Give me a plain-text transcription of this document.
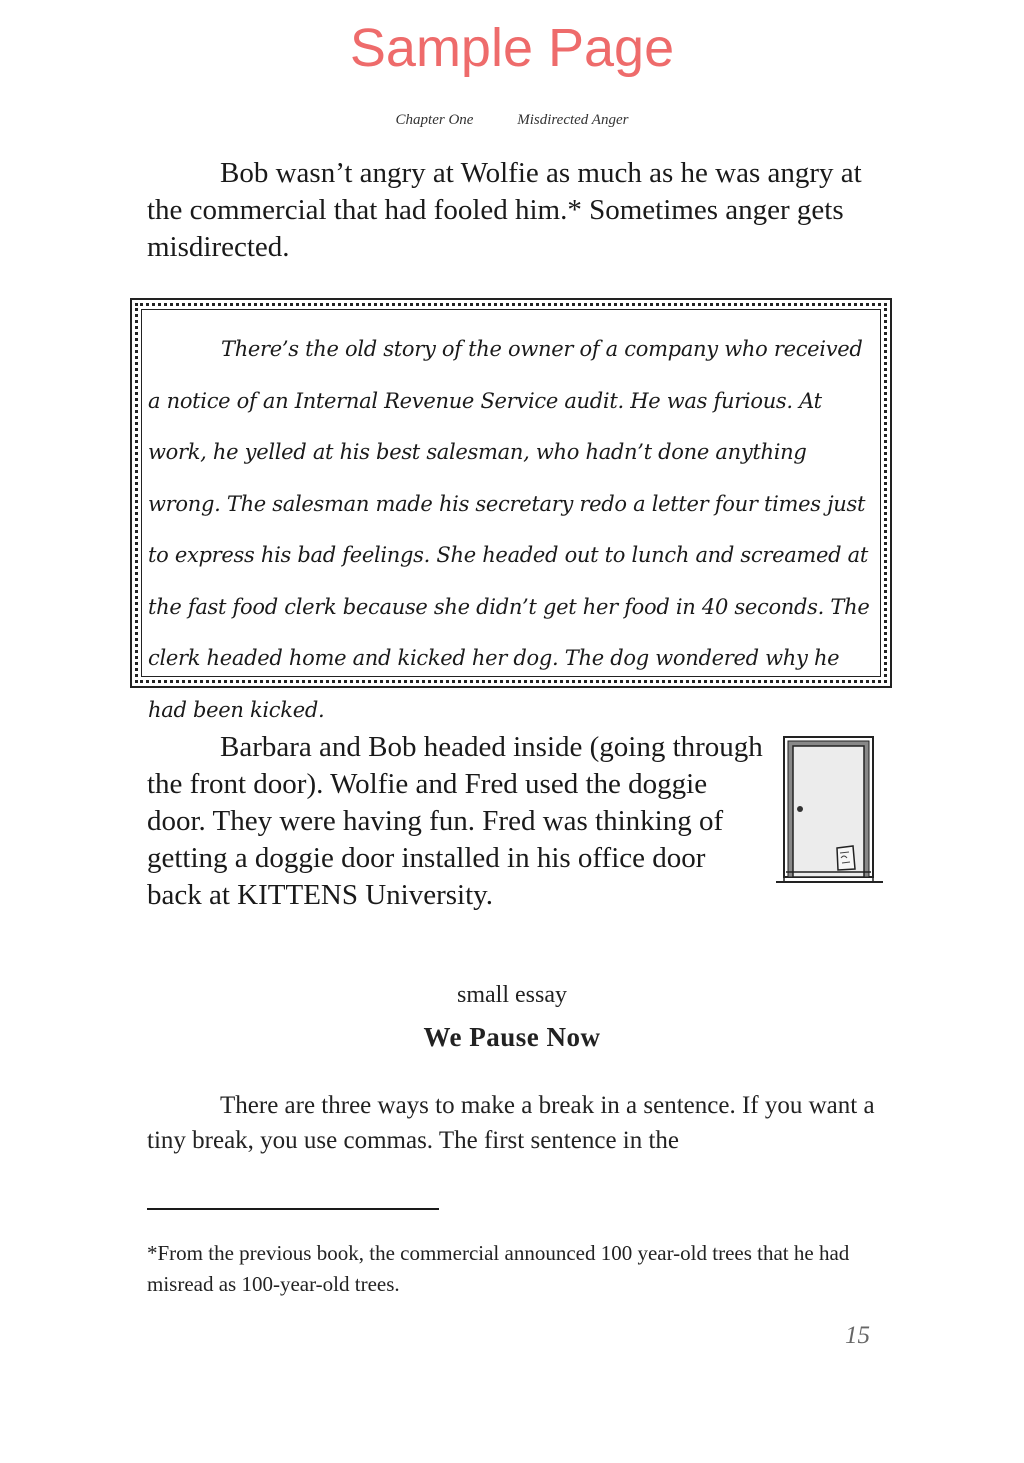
Sample Page
Chapter One	Misdirected Anger

Bob wasn’t angry at Wolfie as much as he was angry at the commercial that had fooled him.* Sometimes anger gets misdirected.

There’s the old story of the owner of a company who received a notice of an Internal Revenue Service audit. He was furious. At work, he yelled at his best salesman, who hadn’t done anything wrong. The salesman made his secretary redo a letter four times just to express his bad feelings. She headed out to lunch and screamed at the fast food clerk because she didn’t get her food in 40 seconds. The clerk headed home and kicked her dog. The dog wondered why he had been kicked.

Barbara and Bob headed inside (going through the front door). Wolfie and Fred used the doggie door. They were having fun. Fred was thinking of getting a doggie door installed in his office door back at KITTENS University.

small essay
We Pause Now

There are three ways to make a break in a sentence. If you want a tiny break, you use commas. The first sentence in the

*From the previous book, the commercial announced 100 year-old trees that he had misread as 100-year-old trees.

15
